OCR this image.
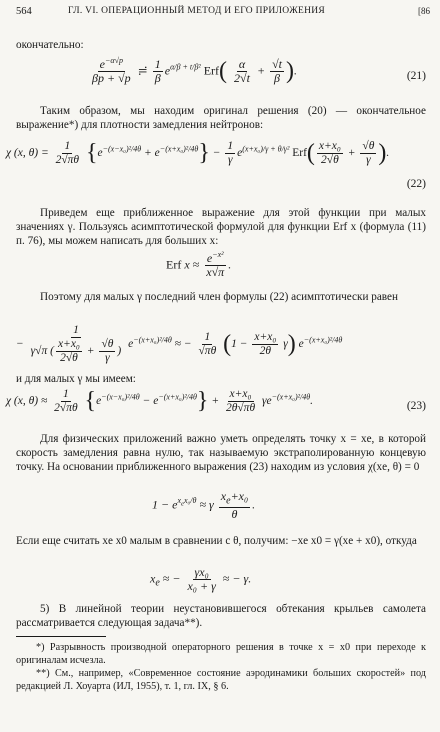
564	ГЛ. VI. ОПЕРАЦИОННЫЙ МЕТОД И ЕГО ПРИЛОЖЕНИЯ	[86
окончательно:
$\frac{e^{-\alpha√p}}{\beta p + √p}$ ≓ $\frac{1}{\beta} e^{\alpha/\beta + t/\beta^2}$ $Erf( \frac{\alpha}{2√t} + \frac{√t}{\beta}$ ).	(21)
Таким образом, мы находим оригинал решения (20) — окончательное выражение*) для плотности замедления нейтронов:
χ (x, $\theta) = \frac{1}{2√\pi\theta} \{e^{-(x-x_0)^2/4\theta} + e^{-(x+x_0)^2/4\theta}\} - \frac{1}{\gamma} e^{(x+x_0)/\gamma + \theta/\gamma^2}$ $Erf( \frac{\text{x+x₀}}{2√\theta} + \frac{√\theta}{\gamma}$ ).
(22)
Приведем еще приближенное выражение для этой функции при малых значениях γ. Пользуясь асимптотической формулой для функции Erf x (формула (11) п. 76), мы можем написать для больших x:
Erf $x \approx \frac{e^{-x^2}}{x√\pi}$ .
Поэтому для малых γ последний член формулы (22) асимптотически равен
− $\frac{1}{\gamma√\pi ( \frac{\text{x+x₀}}{2√\theta} + \frac{√\theta}{\gamma} )} e^{-(x+x_0)^2/4\theta}$ ≈ − $\frac{1}{√\pi\theta} (1 - \frac{\text{x+x₀}}{2\theta} \gamma)$ $e^{-(x+x_0)^2/4\theta}$
и для малых γ мы имеем:
χ (x, $\theta) \approx \frac{1}{2√\pi\theta} \{e^{-(x-x_0)^2/4\theta} - e^{-(x+x_0)^2/4\theta}\} + \frac{\text{x+x₀}}{2\theta√\pi\theta} \gamma e^{-(x+x_0)^2/4\theta}$.	(23)
Для физических приложений важно уметь определять точку x = xe, в которой скорость замедления равна нулю, так называемую экстраполированную концевую точку. На основании приближенного выражения (23) находим из условия χ(xe, θ) = 0
$1 - e^{x_ex_0/\theta} \approx \gamma \frac{x_e+x_0}{\theta}$ .
Если еще считать xe x0 малым в сравнении с θ, получим: −xe x0 = γ(xe + x0), откуда
$x_e$ ≈ − $\frac{\text{γx₀}}{\text{x₀ + γ}}$ ≈ − γ.
5) В линейной теории неустановившегося обтекания крыльев самолета рассматривается следующая задача**).
*) Разрывность производной операторного решения в точке x = x0 при переходе к оригиналам исчезла.
**) См., например, «Современное состояние аэродинамики больших скоростей» под редакцией Л. Хоуарта (ИЛ, 1955), т. 1, гл. IX, § 6.
